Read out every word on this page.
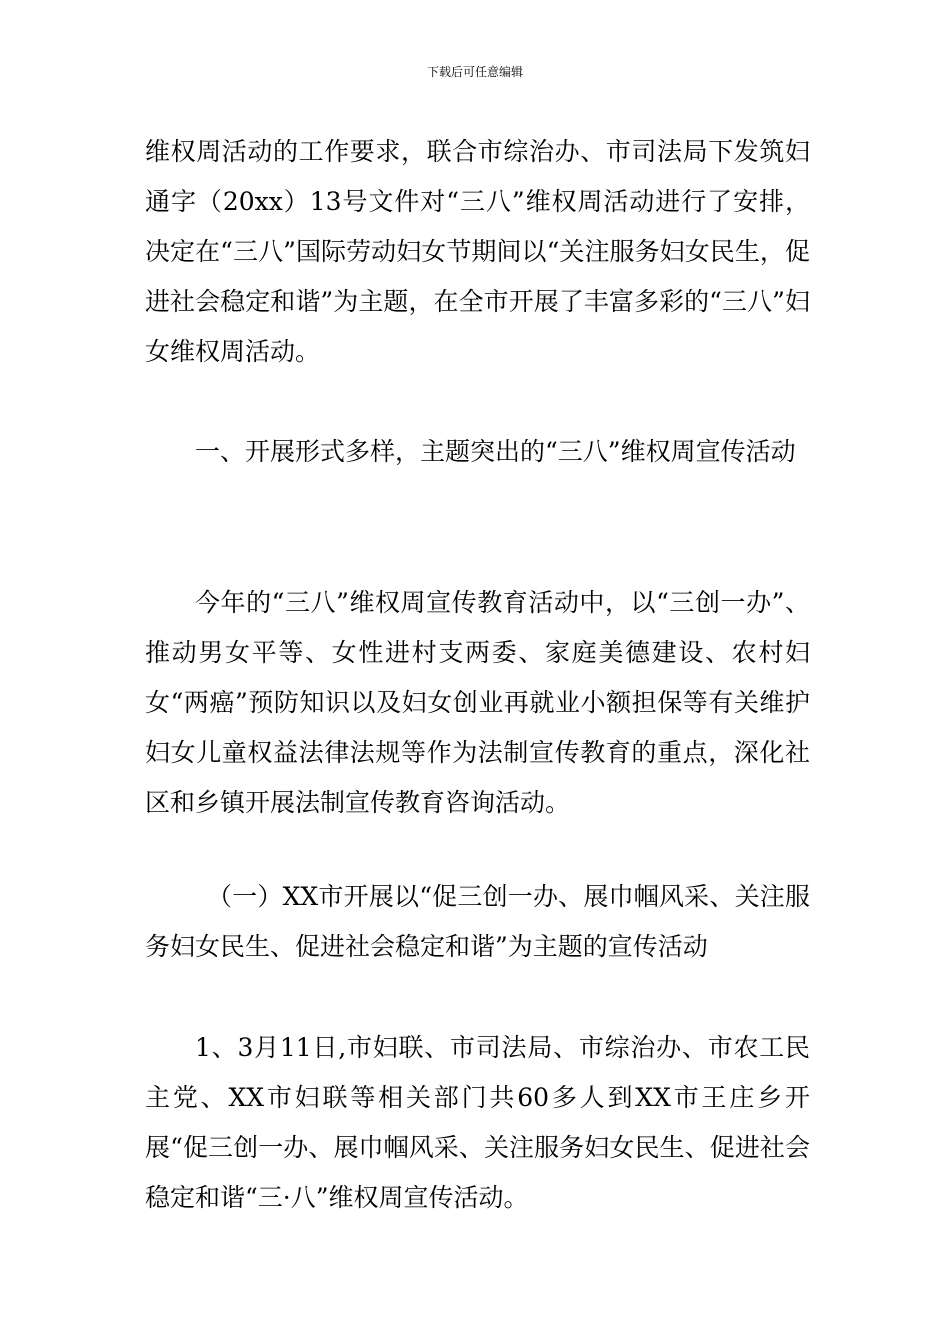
下载后可任意编辑

维权周活动的工作要求，联合市综治办、市司法局下发筑妇通字（20xx）13号文件对“三八”维权周活动进行了安排，决定在“三八”国际劳动妇女节期间以“关注服务妇女民生，促进社会稳定和谐”为主题，在全市开展了丰富多彩的“三八”妇女维权周活动。

一、开展形式多样，主题突出的“三八”维权周宣传活动

今年的“三八”维权周宣传教育活动中，以“三创一办”、推动男女平等、女性进村支两委、家庭美德建设、农村妇女“两癌”预防知识以及妇女创业再就业小额担保等有关维护妇女儿童权益法律法规等作为法制宣传教育的重点，深化社区和乡镇开展法制宣传教育咨询活动。

（一）XX市开展以“促三创一办、展巾帼风采、关注服务妇女民生、促进社会稳定和谐”为主题的宣传活动

1、3月11日,市妇联、市司法局、市综治办、市农工民主党、XX市妇联等相关部门共60多人到XX市王庄乡开展“促三创一办、展巾帼风采、关注服务妇女民生、促进社会稳定和谐“三·八”维权周宣传活动。
